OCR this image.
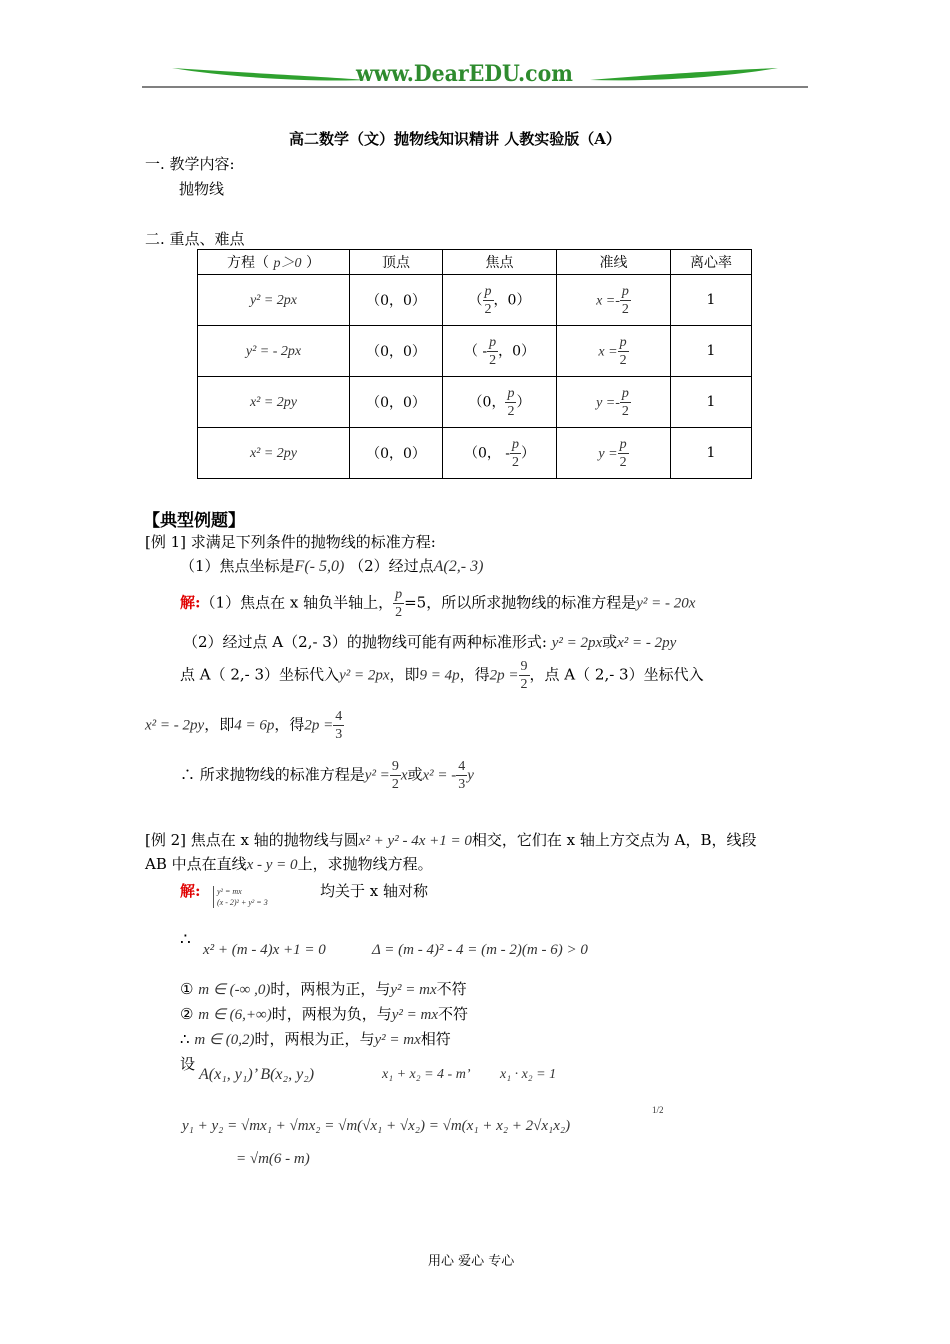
www.DearEDU.com
高二数学（文）抛物线知识精讲 人教实验版（A）
一. 教学内容:
抛物线
二. 重点、难点
方程（ p＞0 ）	顶点	焦点	准线	离心率
y² = 2px	（0，0）	（ $\frac{p}{2}$ ，0）	$x =- \frac{p}{2}$	1
y² = - 2px	（0，0）	（ - $\frac{p}{2}$ ，0）	$x = \frac{p}{2}$	1
x² = 2py	（0，0）	（0， $\frac{p}{2}$ ）	$y =- \frac{p}{2}$	1
x² = 2py	（0，0）	（0， - $\frac{p}{2}$ ）	$y = \frac{p}{2}$	1
【典型例题】
[例 1] 求满足下列条件的抛物线的标准方程:
（1）焦点坐标是F(- 5,0) （2）经过点A(2,- 3)
解:（1）焦点在 x 轴负半轴上， $\frac{p}{2} =5$，所以所求抛物线的标准方程是y² = - 20x
（2）经过点 A（2,- 3）的抛物线可能有两种标准形式: y² = 2px或x² = - 2py
点 A（ 2,- 3）坐标代入y² = 2px，即9 = 4p，得$2p = \frac{9}{2}$ ，点 A（ 2,- 3）坐标代入
x² = - 2py，即4 = 6p，得$2p = \frac{4}{3}$
∴ 所求抛物线的标准方程是$y^2 = \frac{9}{2}$ x或x² = - $\frac{4}{3}$ y
[例 2] 焦点在 x 轴的抛物线与圆x² + y² - 4x +1 = 0相交，它们在 x 轴上方交点为 A，B，线段
AB 中点在直线x - y = 0上，求抛物线方程。
解: y² = mx
(x - 2)² + y² = 3
均关于 x 轴对称
∴ x² + (m - 4)x +1 = 0	Δ = (m - 4)² - 4 = (m - 2)(m - 6) > 0
① m ∈ (-∞ ,0)时，两根为正，与y² = mx不符
② m ∈ (6,+∞)时，两根为负，与y² = mx不符
∴ m ∈ (0,2)时，两根为正，与y² = mx相符
设
A(x₁, y₁)’ B(x₂, y₂)	x₁ + x₂ = 4 - m’ x₁ · x₂ = 1
y₁ + y₂ = √mx₁ + √mx₂ = √m(√x₁ + √x₂) = √m(x₁ + x₂ + 2√x₁x₂)
1/2
= √m(6 - m)
用心 爱心 专心
